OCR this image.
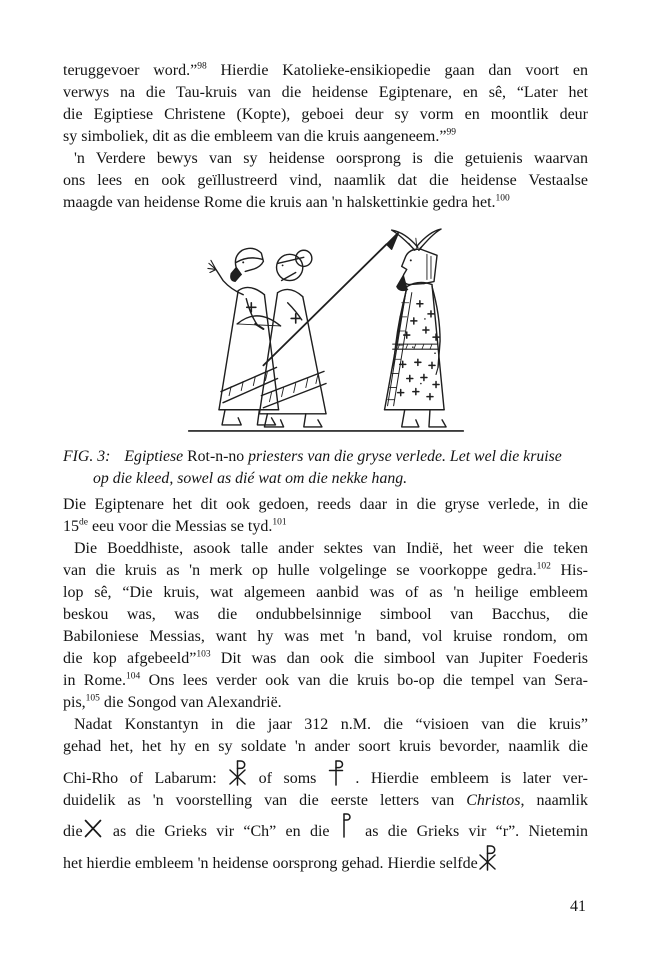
teruggevoer word.”$^{98}$ Hierdie Katolieke-ensikiopedie gaan dan voort en
verwys na die Tau-kruis van die heidense Egiptenare, en sê, “Later het
die Egiptiese Christene (Kopte), geboei deur sy vorm en moontlik deur
sy simboliek, dit as die embleem van die kruis aangeneem.”$^{99}$
'n Verdere bewys van sy heidense oorsprong is die getuienis waarvan
ons lees en ook geïllustreerd vind, naamlik dat die heidense Vestaalse
maagde van heidense Rome die kruis aan 'n halskettinkie gedra het.$^{100}$
FIG. 3: Egiptiese Rot-n-no priesters van die gryse verlede. Let wel die kruise
op die kleed, sowel as dié wat om die nekke hang.
Die Egiptenare het dit ook gedoen, reeds daar in die gryse verlede, in die
15de eeu voor die Messias se tyd.$^{101}$
Die Boeddhiste, asook talle ander sektes van Indië, het weer die teken
van die kruis as 'n merk op hulle volgelinge se voorkoppe gedra.$^{102}$ His-
lop sê, “Die kruis, wat algemeen aanbid was of as 'n heilige embleem
beskou was, was die ondubbelsinnige simbool van Bacchus, die
Babiloniese Messias, want hy was met 'n band, vol kruise rondom, om
die kop afgebeeld”$^{103}$ Dit was dan ook die simbool van Jupiter Foederis
in Rome.$^{104}$ Ons lees verder ook van die kruis bo-op die tempel van Sera-
pis,$^{105}$ die Songod van Alexandrië.
Nadat Konstantyn in die jaar 312 n.M. die “visioen van die kruis”
gehad het, het hy en sy soldate 'n ander soort kruis bevorder, naamlik die
Chi-Rho of Labarum:  of soms  . Hierdie embleem is later ver-
duidelik as 'n voorstelling van die eerste letters van Christos, naamlik
die as die Grieks vir “Ch” en die  as die Grieks vir “r”. Nietemin
het hierdie embleem 'n heidense oorsprong gehad. Hierdie selfde
41
